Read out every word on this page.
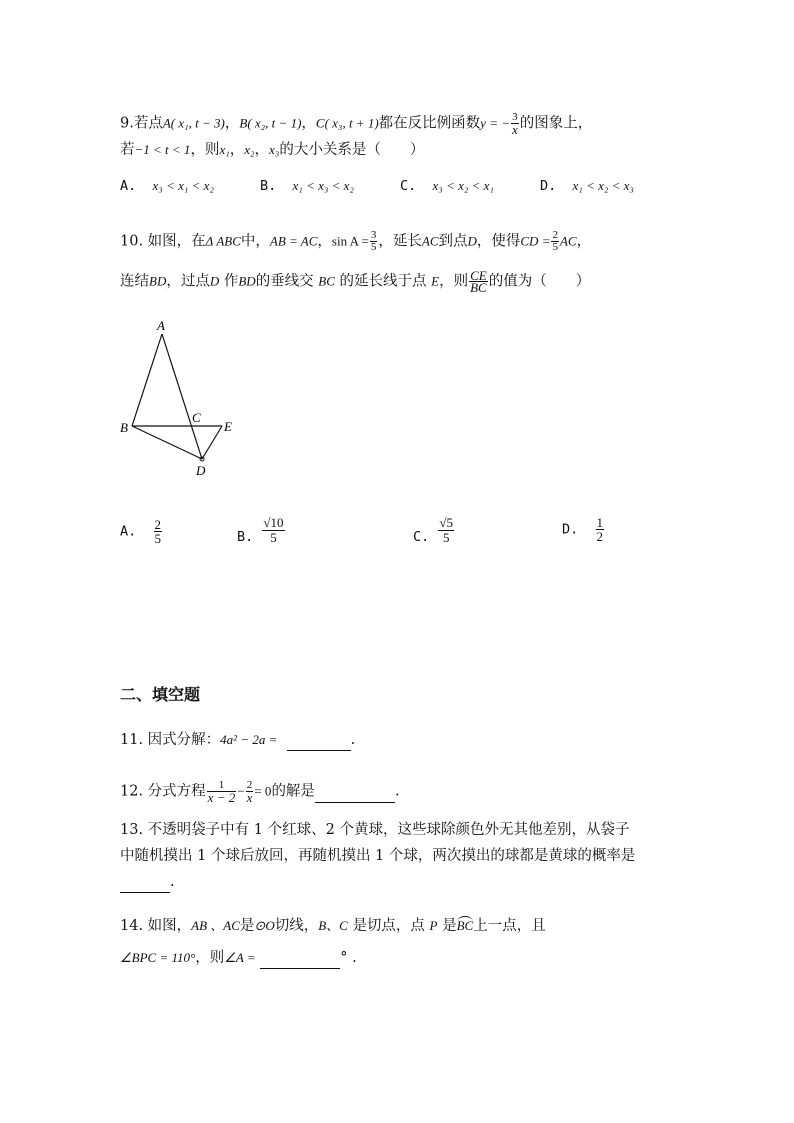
9.若点A( x₁, t − 3)，B( x₂, t − 1)，C( x₃, t + 1)都在反比例函数y = − $\frac{3}{x}$ 的图象上，
若−1 < t < 1，则x₁，x₂，x₃的大小关系是（　　）
A. x₃ < x₁ < x₂	B. x₁ < x₃ < x₂	C. x₃ < x₂ < x₁	D. x₁ < x₂ < x₃
10. 如图，在Δ ABC中，AB = AC，$\sin A = \frac{3}{5}$ ，延长AC到点D，使得CD = $\frac{2}{5}$ AC，
连结BD，过点D 作BD的垂线交 BC 的延长线于点 E，则 $\frac{CE}{BC}$ 的值为（　　）
A
B
C
E
D
A. $\frac{2}{5}$	B. $\frac{√10}{5}$	C. $\frac{√5}{5}$	D. $\frac{1}{2}$
二、填空题
11. 因式分解：4a² − 2a =	.
12. 分式方程 $\frac{1}{x - 2} - \frac{2}{x} = 0$的解是	.
13. 不透明袋子中有 1 个红球、2 个黄球，这些球除颜色外无其他差别，从袋子
中随机摸出 1 个球后放回，再随机摸出 1 个球，两次摸出的球都是黄球的概率是
.
14. 如图，AB 、AC是⊙O切线，B、C 是切点，点 P 是BC上一点，且
∠BPC = 110°，则∠A =	° .
